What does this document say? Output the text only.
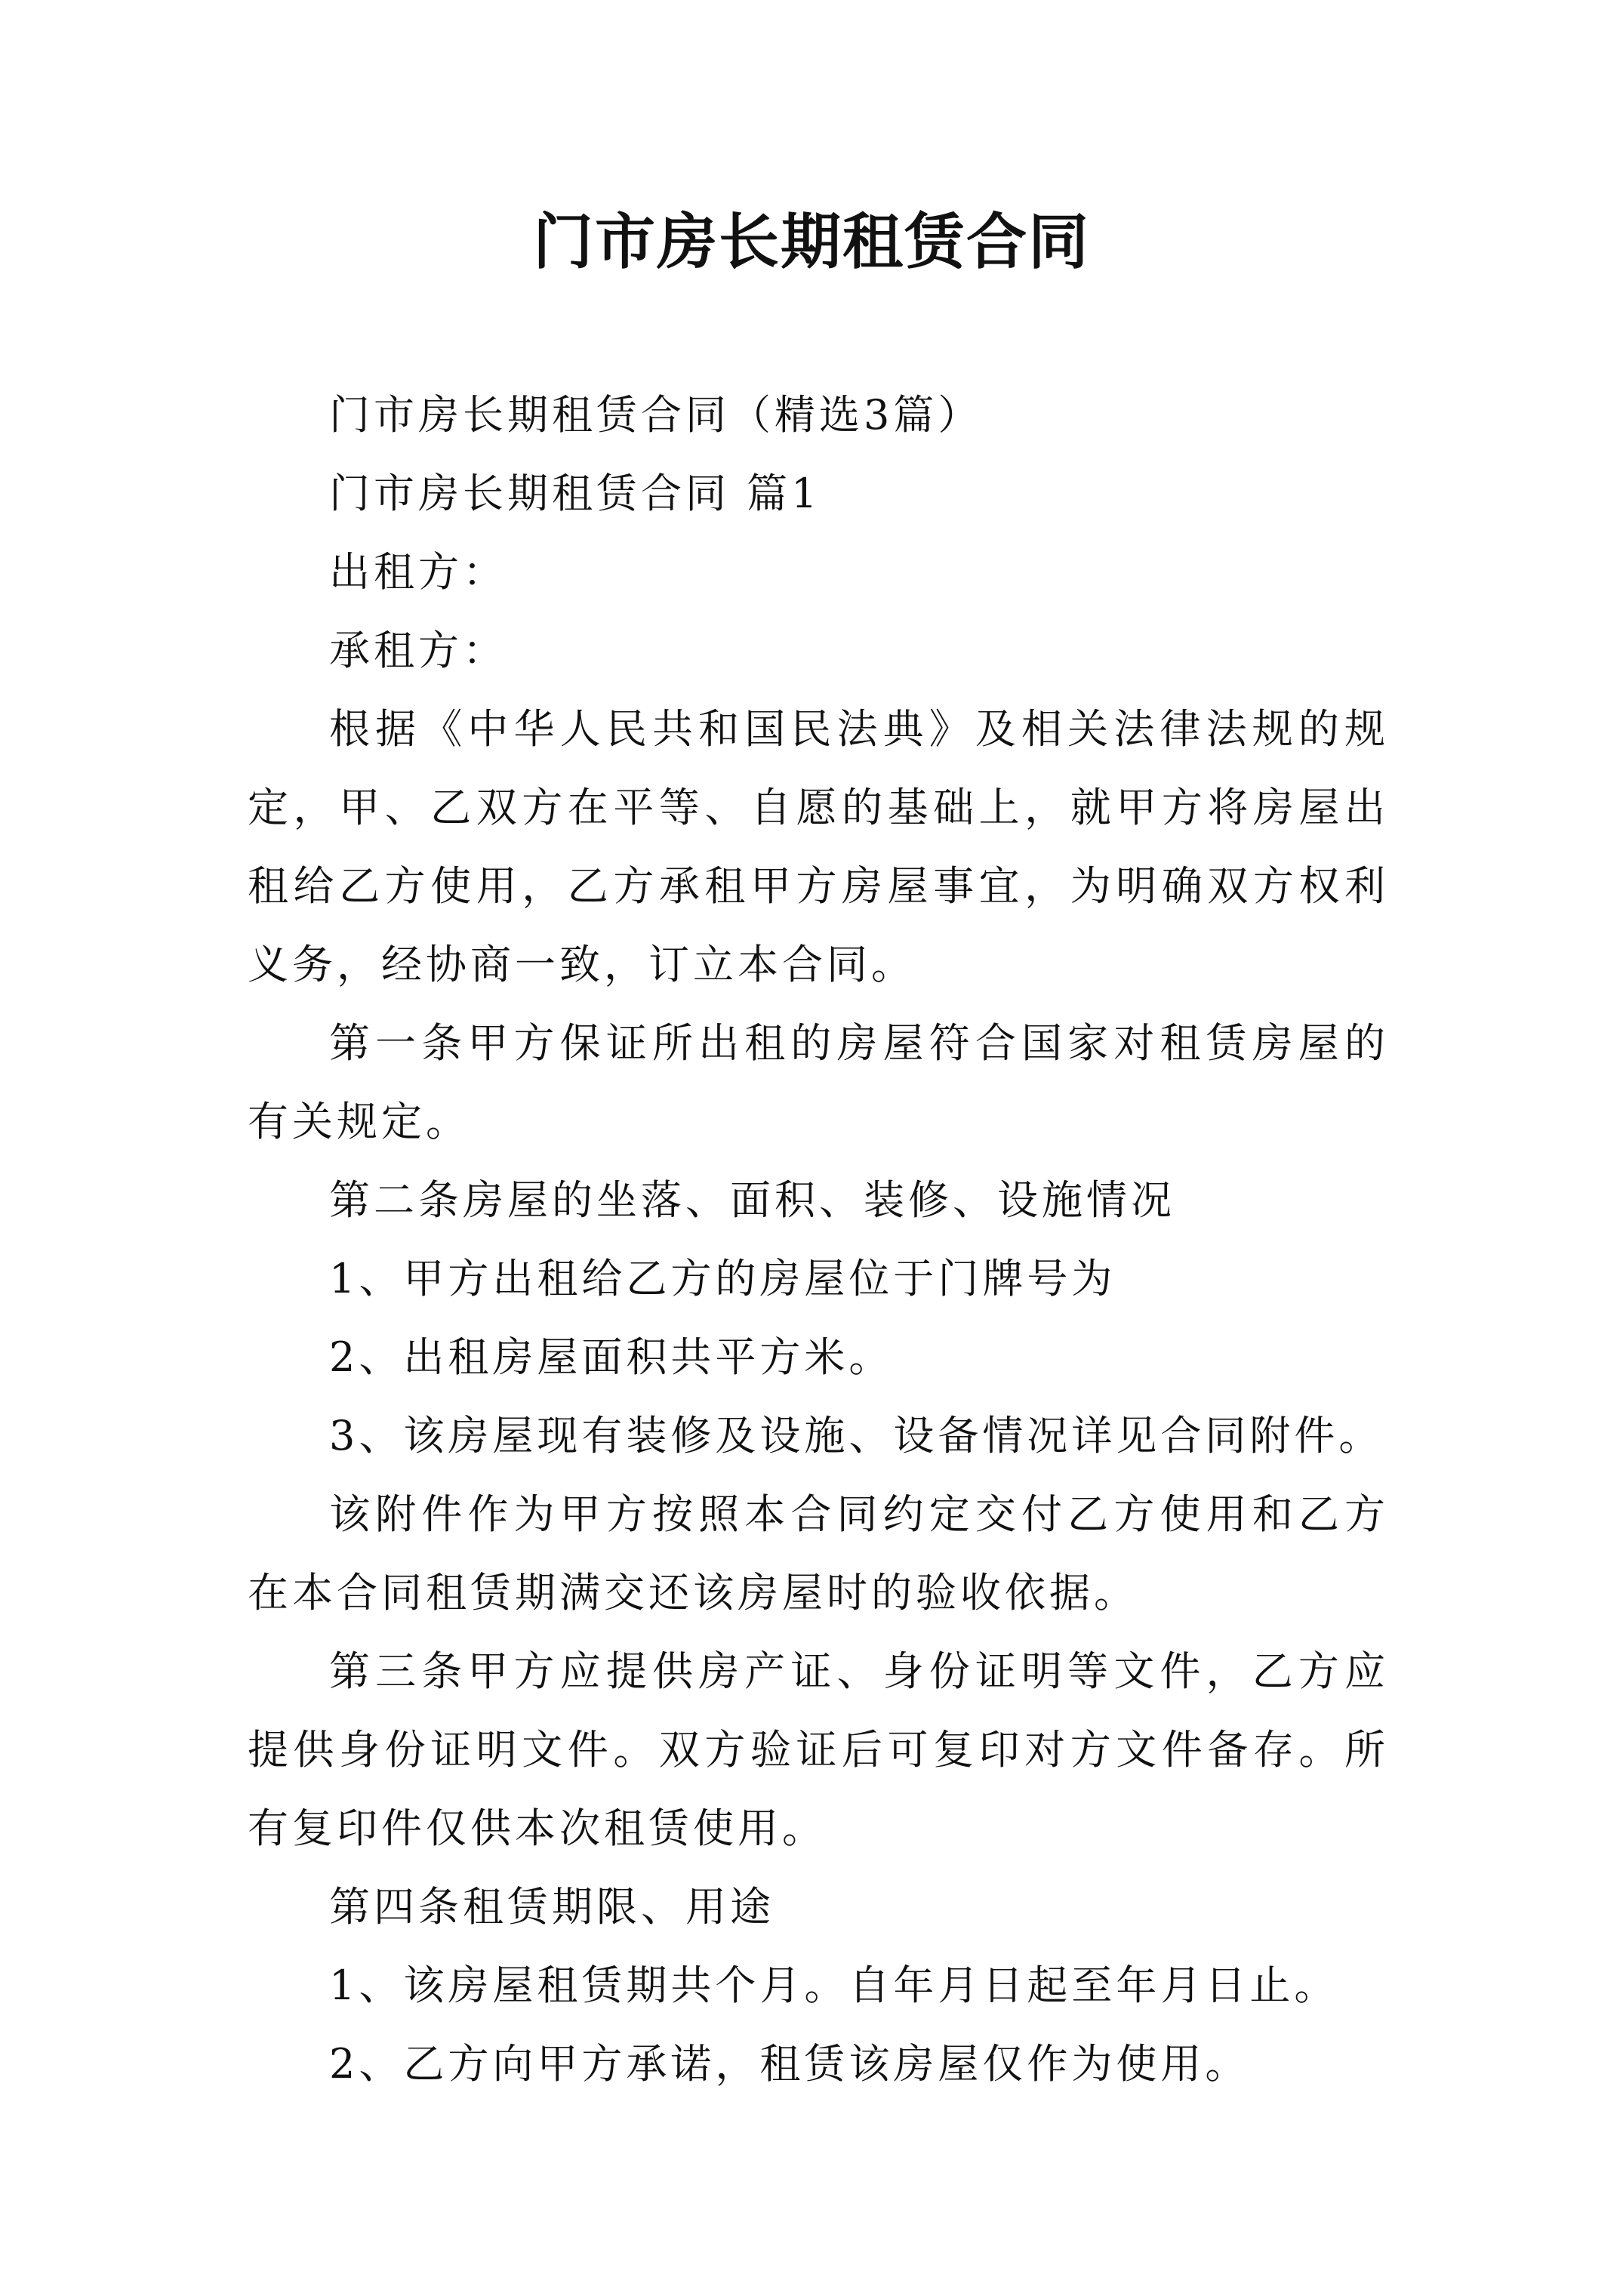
门市房长期租赁合同

门市房长期租赁合同（精选3篇）

门市房长期租赁合同 篇1

出租方：

承租方：

根据《中华人民共和国民法典》及相关法律法规的规定，甲、乙双方在平等、自愿的基础上，就甲方将房屋出租给乙方使用，乙方承租甲方房屋事宜，为明确双方权利义务，经协商一致，订立本合同。

第一条甲方保证所出租的房屋符合国家对租赁房屋的有关规定。

第二条房屋的坐落、面积、装修、设施情况

1、甲方出租给乙方的房屋位于门牌号为

2、出租房屋面积共平方米。

3、该房屋现有装修及设施、设备情况详见合同附件。

该附件作为甲方按照本合同约定交付乙方使用和乙方在本合同租赁期满交还该房屋时的验收依据。

第三条甲方应提供房产证、身份证明等文件，乙方应提供身份证明文件。双方验证后可复印对方文件备存。所有复印件仅供本次租赁使用。

第四条租赁期限、用途

1、该房屋租赁期共个月。自年月日起至年月日止。

2、乙方向甲方承诺，租赁该房屋仅作为使用。
